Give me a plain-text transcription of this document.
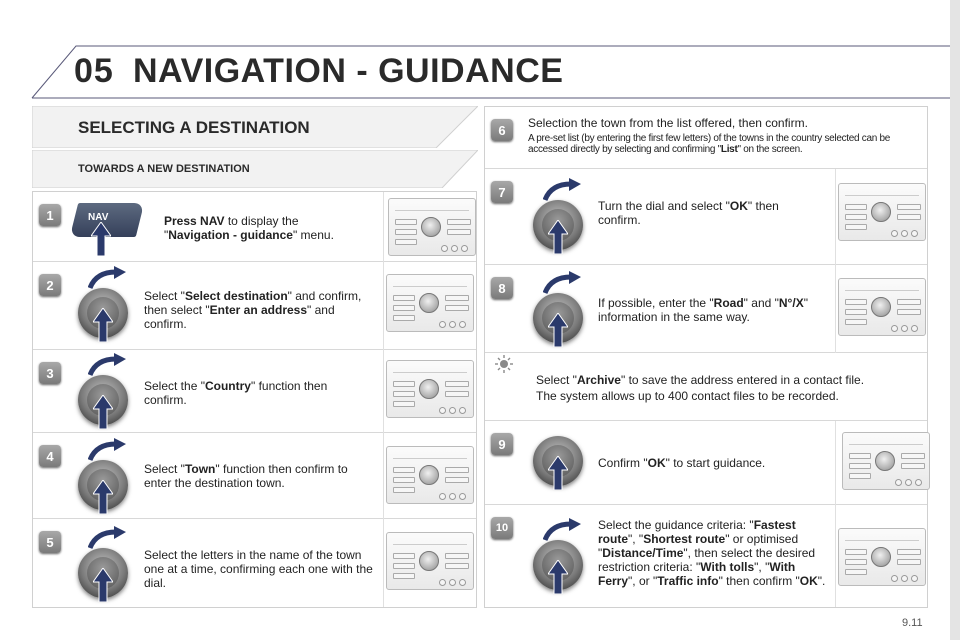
05 NAVIGATION - GUIDANCE
SELECTING A DESTINATION
TOWARDS A NEW DESTINATION
1
2
3
4
5
NAV	Press NAV to display the "Navigation - guidance" menu.
Select "Select destination" and confirm, then select "Enter an address" and confirm.
Select the "Country" function then confirm.
Select "Town" function then confirm to enter the destination town.
Select the letters in the name of the town one at a time, confirming each one with the dial.
6
7
8
9
10
Selection the town from the list offered, then confirm.
A pre-set list (by entering the first few letters) of the towns in the country selected can be accessed directly by selecting and confirming "List" on the screen.
Turn the dial and select "OK" then confirm.
If possible, enter the "Road" and "N°/X" information in the same way.
Select "Archive" to save the address entered in a contact file.
The system allows up to 400 contact files to be recorded.
Confirm "OK" to start guidance.
Select the guidance criteria: "Fastest route", "Shortest route" or optimised "Distance/Time", then select the desired restriction criteria: "With tolls", "With Ferry", or "Traffic info" then confirm "OK".
9.11
